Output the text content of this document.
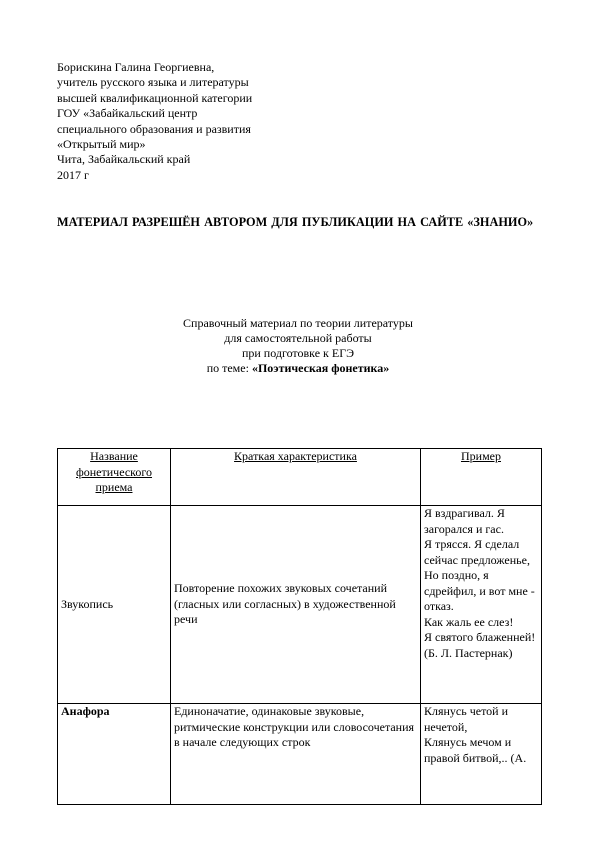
Борискина Галина Георгиевна,
учитель русского языка и литературы
высшей квалификационной категории
ГОУ «Забайкальский центр
специального образования и развития
«Открытый мир»
Чита, Забайкальский край
2017 г
МАТЕРИАЛ РАЗРЕШЁН АВТОРОМ ДЛЯ ПУБЛИКАЦИИ НА САЙТЕ «ЗНАНИО»
Справочный материал по теории литературы
для самостоятельной работы
при подготовке к ЕГЭ
по теме: «Поэтическая фонетика»
Название фонетического приема	Краткая характеристика	Пример
Звукопись	Повторение похожих звуковых сочетаний (гласных или согласных) в художественной речи	Я вздрагивал. Я загорался и гас.
Я трясся. Я сделал сейчас предложенье,
Но поздно, я сдрейфил, и вот мне - отказ.
Как жаль ее слез!
Я святого блаженней! (Б. Л. Пастернак)

Анафора	Единоначатие, одинаковые звуковые, ритмические конструкции или словосочетания в начале следующих строк	Клянусь четой и нечетой,
Клянусь мечом и правой битвой,.. (А.
